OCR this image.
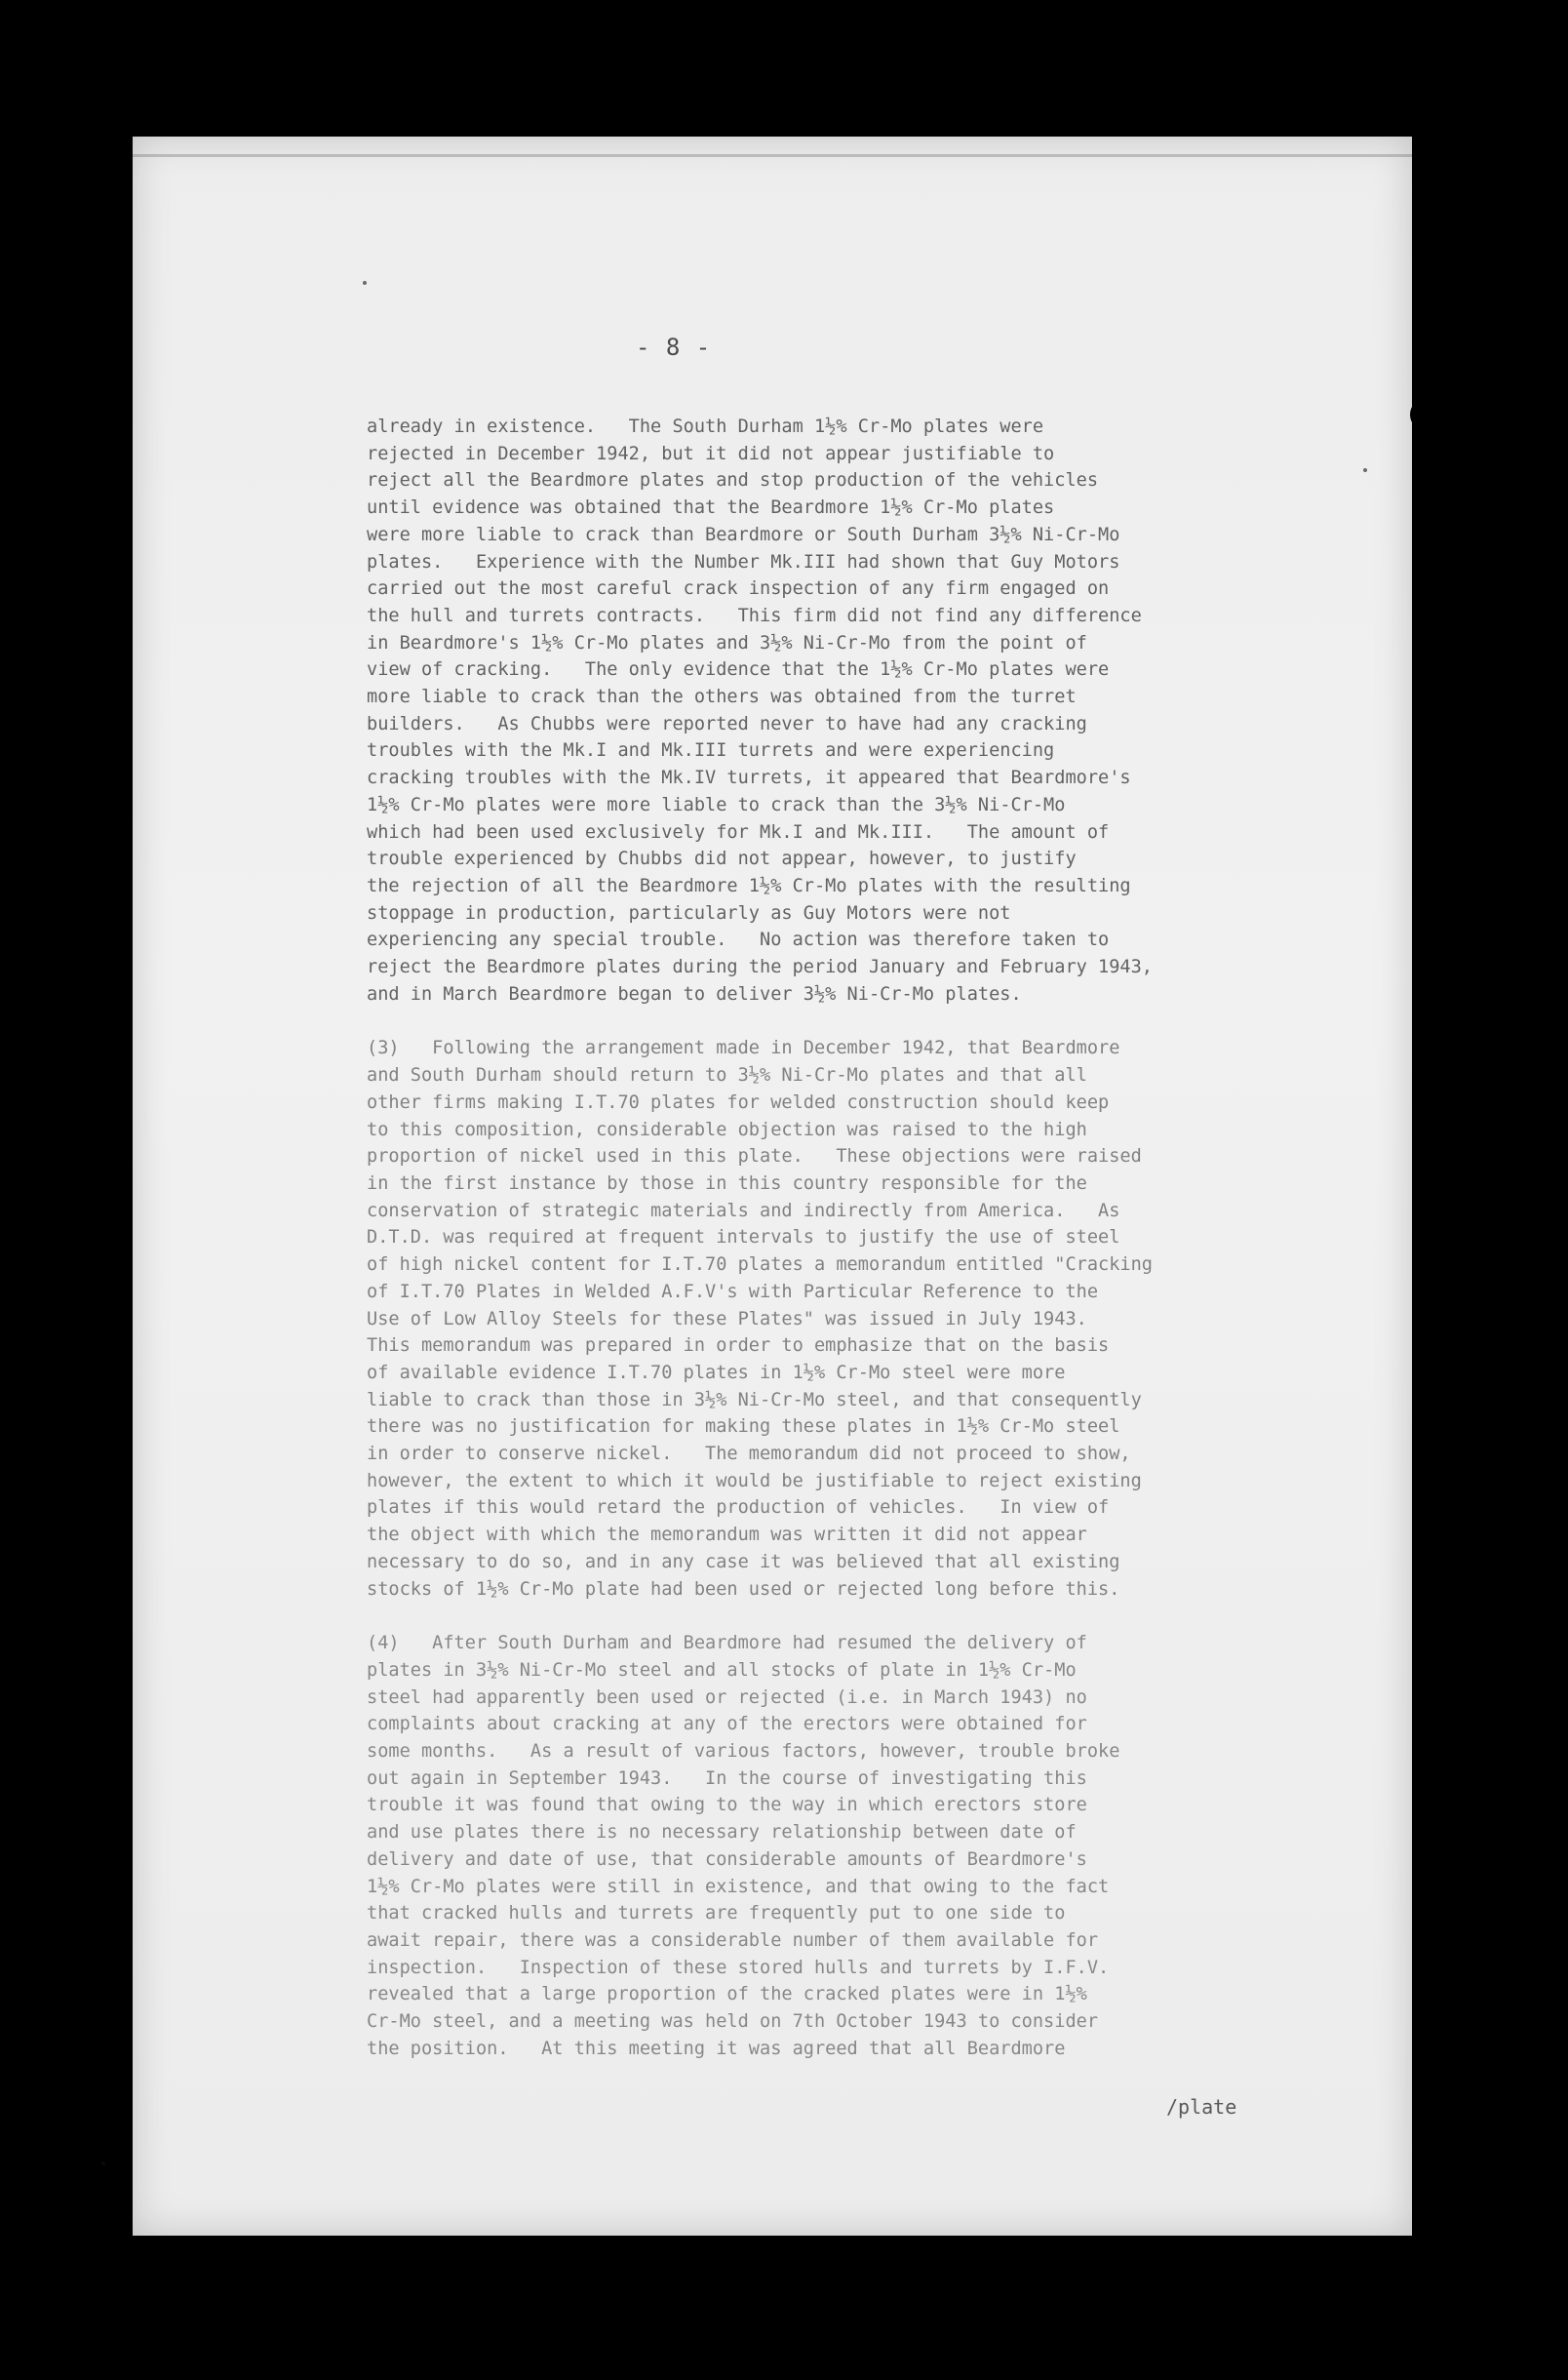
- 8 -

already in existence.   The South Durham 1½% Cr-Mo plates were
rejected in December 1942, but it did not appear justifiable to
reject all the Beardmore plates and stop production of the vehicles
until evidence was obtained that the Beardmore 1½% Cr-Mo plates
were more liable to crack than Beardmore or South Durham 3½% Ni-Cr-Mo
plates.   Experience with the Number Mk.III had shown that Guy Motors
carried out the most careful crack inspection of any firm engaged on
the hull and turrets contracts.   This firm did not find any difference
in Beardmore's 1½% Cr-Mo plates and 3½% Ni-Cr-Mo from the point of
view of cracking.   The only evidence that the 1½% Cr-Mo plates were
more liable to crack than the others was obtained from the turret
builders.   As Chubbs were reported never to have had any cracking
troubles with the Mk.I and Mk.III turrets and were experiencing
cracking troubles with the Mk.IV turrets, it appeared that Beardmore's
1½% Cr-Mo plates were more liable to crack than the 3½% Ni-Cr-Mo
which had been used exclusively for Mk.I and Mk.III.   The amount of
trouble experienced by Chubbs did not appear, however, to justify
the rejection of all the Beardmore 1½% Cr-Mo plates with the resulting
stoppage in production, particularly as Guy Motors were not
experiencing any special trouble.   No action was therefore taken to
reject the Beardmore plates during the period January and February 1943,
and in March Beardmore began to deliver 3½% Ni-Cr-Mo plates.

(3)   Following the arrangement made in December 1942, that Beardmore
and South Durham should return to 3½% Ni-Cr-Mo plates and that all
other firms making I.T.70 plates for welded construction should keep
to this composition, considerable objection was raised to the high
proportion of nickel used in this plate.   These objections were raised
in the first instance by those in this country responsible for the
conservation of strategic materials and indirectly from America.   As
D.T.D. was required at frequent intervals to justify the use of steel
of high nickel content for I.T.70 plates a memorandum entitled "Cracking
of I.T.70 Plates in Welded A.F.V's with Particular Reference to the
Use of Low Alloy Steels for these Plates" was issued in July 1943.
This memorandum was prepared in order to emphasize that on the basis
of available evidence I.T.70 plates in 1½% Cr-Mo steel were more
liable to crack than those in 3½% Ni-Cr-Mo steel, and that consequently
there was no justification for making these plates in 1½% Cr-Mo steel
in order to conserve nickel.   The memorandum did not proceed to show,
however, the extent to which it would be justifiable to reject existing
plates if this would retard the production of vehicles.   In view of
the object with which the memorandum was written it did not appear
necessary to do so, and in any case it was believed that all existing
stocks of 1½% Cr-Mo plate had been used or rejected long before this.

(4)   After South Durham and Beardmore had resumed the delivery of
plates in 3½% Ni-Cr-Mo steel and all stocks of plate in 1½% Cr-Mo
steel had apparently been used or rejected (i.e. in March 1943) no
complaints about cracking at any of the erectors were obtained for
some months.   As a result of various factors, however, trouble broke
out again in September 1943.   In the course of investigating this
trouble it was found that owing to the way in which erectors store
and use plates there is no necessary relationship between date of
delivery and date of use, that considerable amounts of Beardmore's
1½% Cr-Mo plates were still in existence, and that owing to the fact
that cracked hulls and turrets are frequently put to one side to
await repair, there was a considerable number of them available for
inspection.   Inspection of these stored hulls and turrets by I.F.V.
revealed that a large proportion of the cracked plates were in 1½%
Cr-Mo steel, and a meeting was held on 7th October 1943 to consider
the position.   At this meeting it was agreed that all Beardmore

/plate
